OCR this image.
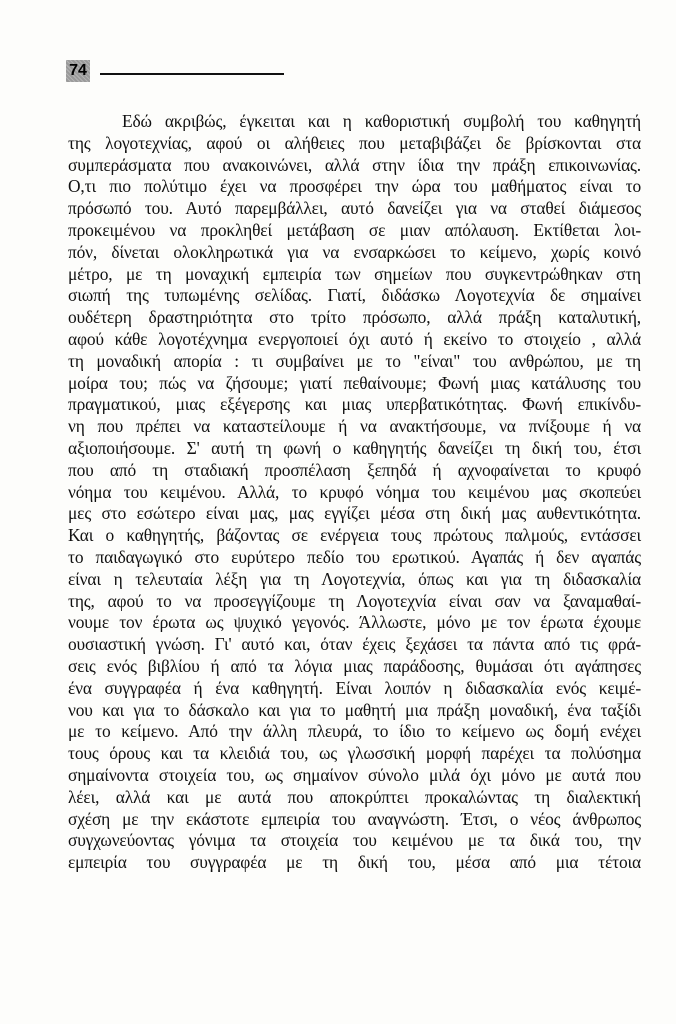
74
Εδώ ακριβώς, έγκειται και η καθοριστική συμβολή του καθηγητή
της λογοτεχνίας, αφού οι αλήθειες που μεταβιβάζει δε βρίσκονται στα
συμπεράσματα που ανακοινώνει, αλλά στην ίδια την πράξη επικοινωνίας.
Ο,τι πιο πολύτιμο έχει να προσφέρει την ώρα του μαθήματος είναι το
πρόσωπό του. Αυτό παρεμβάλλει, αυτό δανείζει για να σταθεί διάμεσος
προκειμένου να προκληθεί μετάβαση σε μιαν απόλαυση. Εκτίθεται λοι-
πόν, δίνεται ολοκληρωτικά για να ενσαρκώσει το κείμενο, χωρίς κοινό
μέτρο, με τη μοναχική εμπειρία των σημείων που συγκεντρώθηκαν στη
σιωπή της τυπωμένης σελίδας. Γιατί, διδάσκω Λογοτεχνία δε σημαίνει
ουδέτερη δραστηριότητα στο τρίτο πρόσωπο, αλλά πράξη καταλυτική,
αφού κάθε λογοτέχνημα ενεργοποιεί όχι αυτό ή εκείνο το στοιχείο , αλλά
τη μοναδική απορία : τι συμβαίνει με το "είναι" του ανθρώπου, με τη
μοίρα του; πώς να ζήσουμε; γιατί πεθαίνουμε; Φωνή μιας κατάλυσης του
πραγματικού, μιας εξέγερσης και μιας υπερβατικότητας. Φωνή επικίνδυ-
νη που πρέπει να καταστείλουμε ή να ανακτήσουμε, να πνίξουμε ή να
αξιοποιήσουμε. Σ' αυτή τη φωνή ο καθηγητής δανείζει τη δική του, έτσι
που από τη σταδιακή προσπέλαση ξεπηδά ή αχνοφαίνεται το κρυφό
νόημα του κειμένου. Αλλά, το κρυφό νόημα του κειμένου μας σκοπεύει
μες στο εσώτερο είναι μας, μας εγγίζει μέσα στη δική μας αυθεντικότητα.
Και ο καθηγητής, βάζοντας σε ενέργεια τους πρώτους παλμούς, εντάσσει
το παιδαγωγικό στο ευρύτερο πεδίο του ερωτικού. Αγαπάς ή δεν αγαπάς
είναι η τελευταία λέξη για τη Λογοτεχνία, όπως και για τη διδασκαλία
της, αφού το να προσεγγίζουμε τη Λογοτεχνία είναι σαν να ξαναμαθαί-
νουμε τον έρωτα ως ψυχικό γεγονός. Άλλωστε, μόνο με τον έρωτα έχουμε
ουσιαστική γνώση. Γι' αυτό και, όταν έχεις ξεχάσει τα πάντα από τις φρά-
σεις ενός βιβλίου ή από τα λόγια μιας παράδοσης, θυμάσαι ότι αγάπησες
ένα συγγραφέα ή ένα καθηγητή. Είναι λοιπόν η διδασκαλία ενός κειμέ-
νου και για το δάσκαλο και για το μαθητή μια πράξη μοναδική, ένα ταξίδι
με το κείμενο. Από την άλλη πλευρά, το ίδιο το κείμενο ως δομή ενέχει
τους όρους και τα κλειδιά του, ως γλωσσική μορφή παρέχει τα πολύσημα
σημαίνοντα στοιχεία του, ως σημαίνον σύνολο μιλά όχι μόνο με αυτά που
λέει, αλλά και με αυτά που αποκρύπτει προκαλώντας τη διαλεκτική
σχέση με την εκάστοτε εμπειρία του αναγνώστη. Έτσι, ο νέος άνθρωπος
συγχωνεύοντας γόνιμα τα στοιχεία του κειμένου με τα δικά του, την
εμπειρία του συγγραφέα με τη δική του, μέσα από μια τέτοια
